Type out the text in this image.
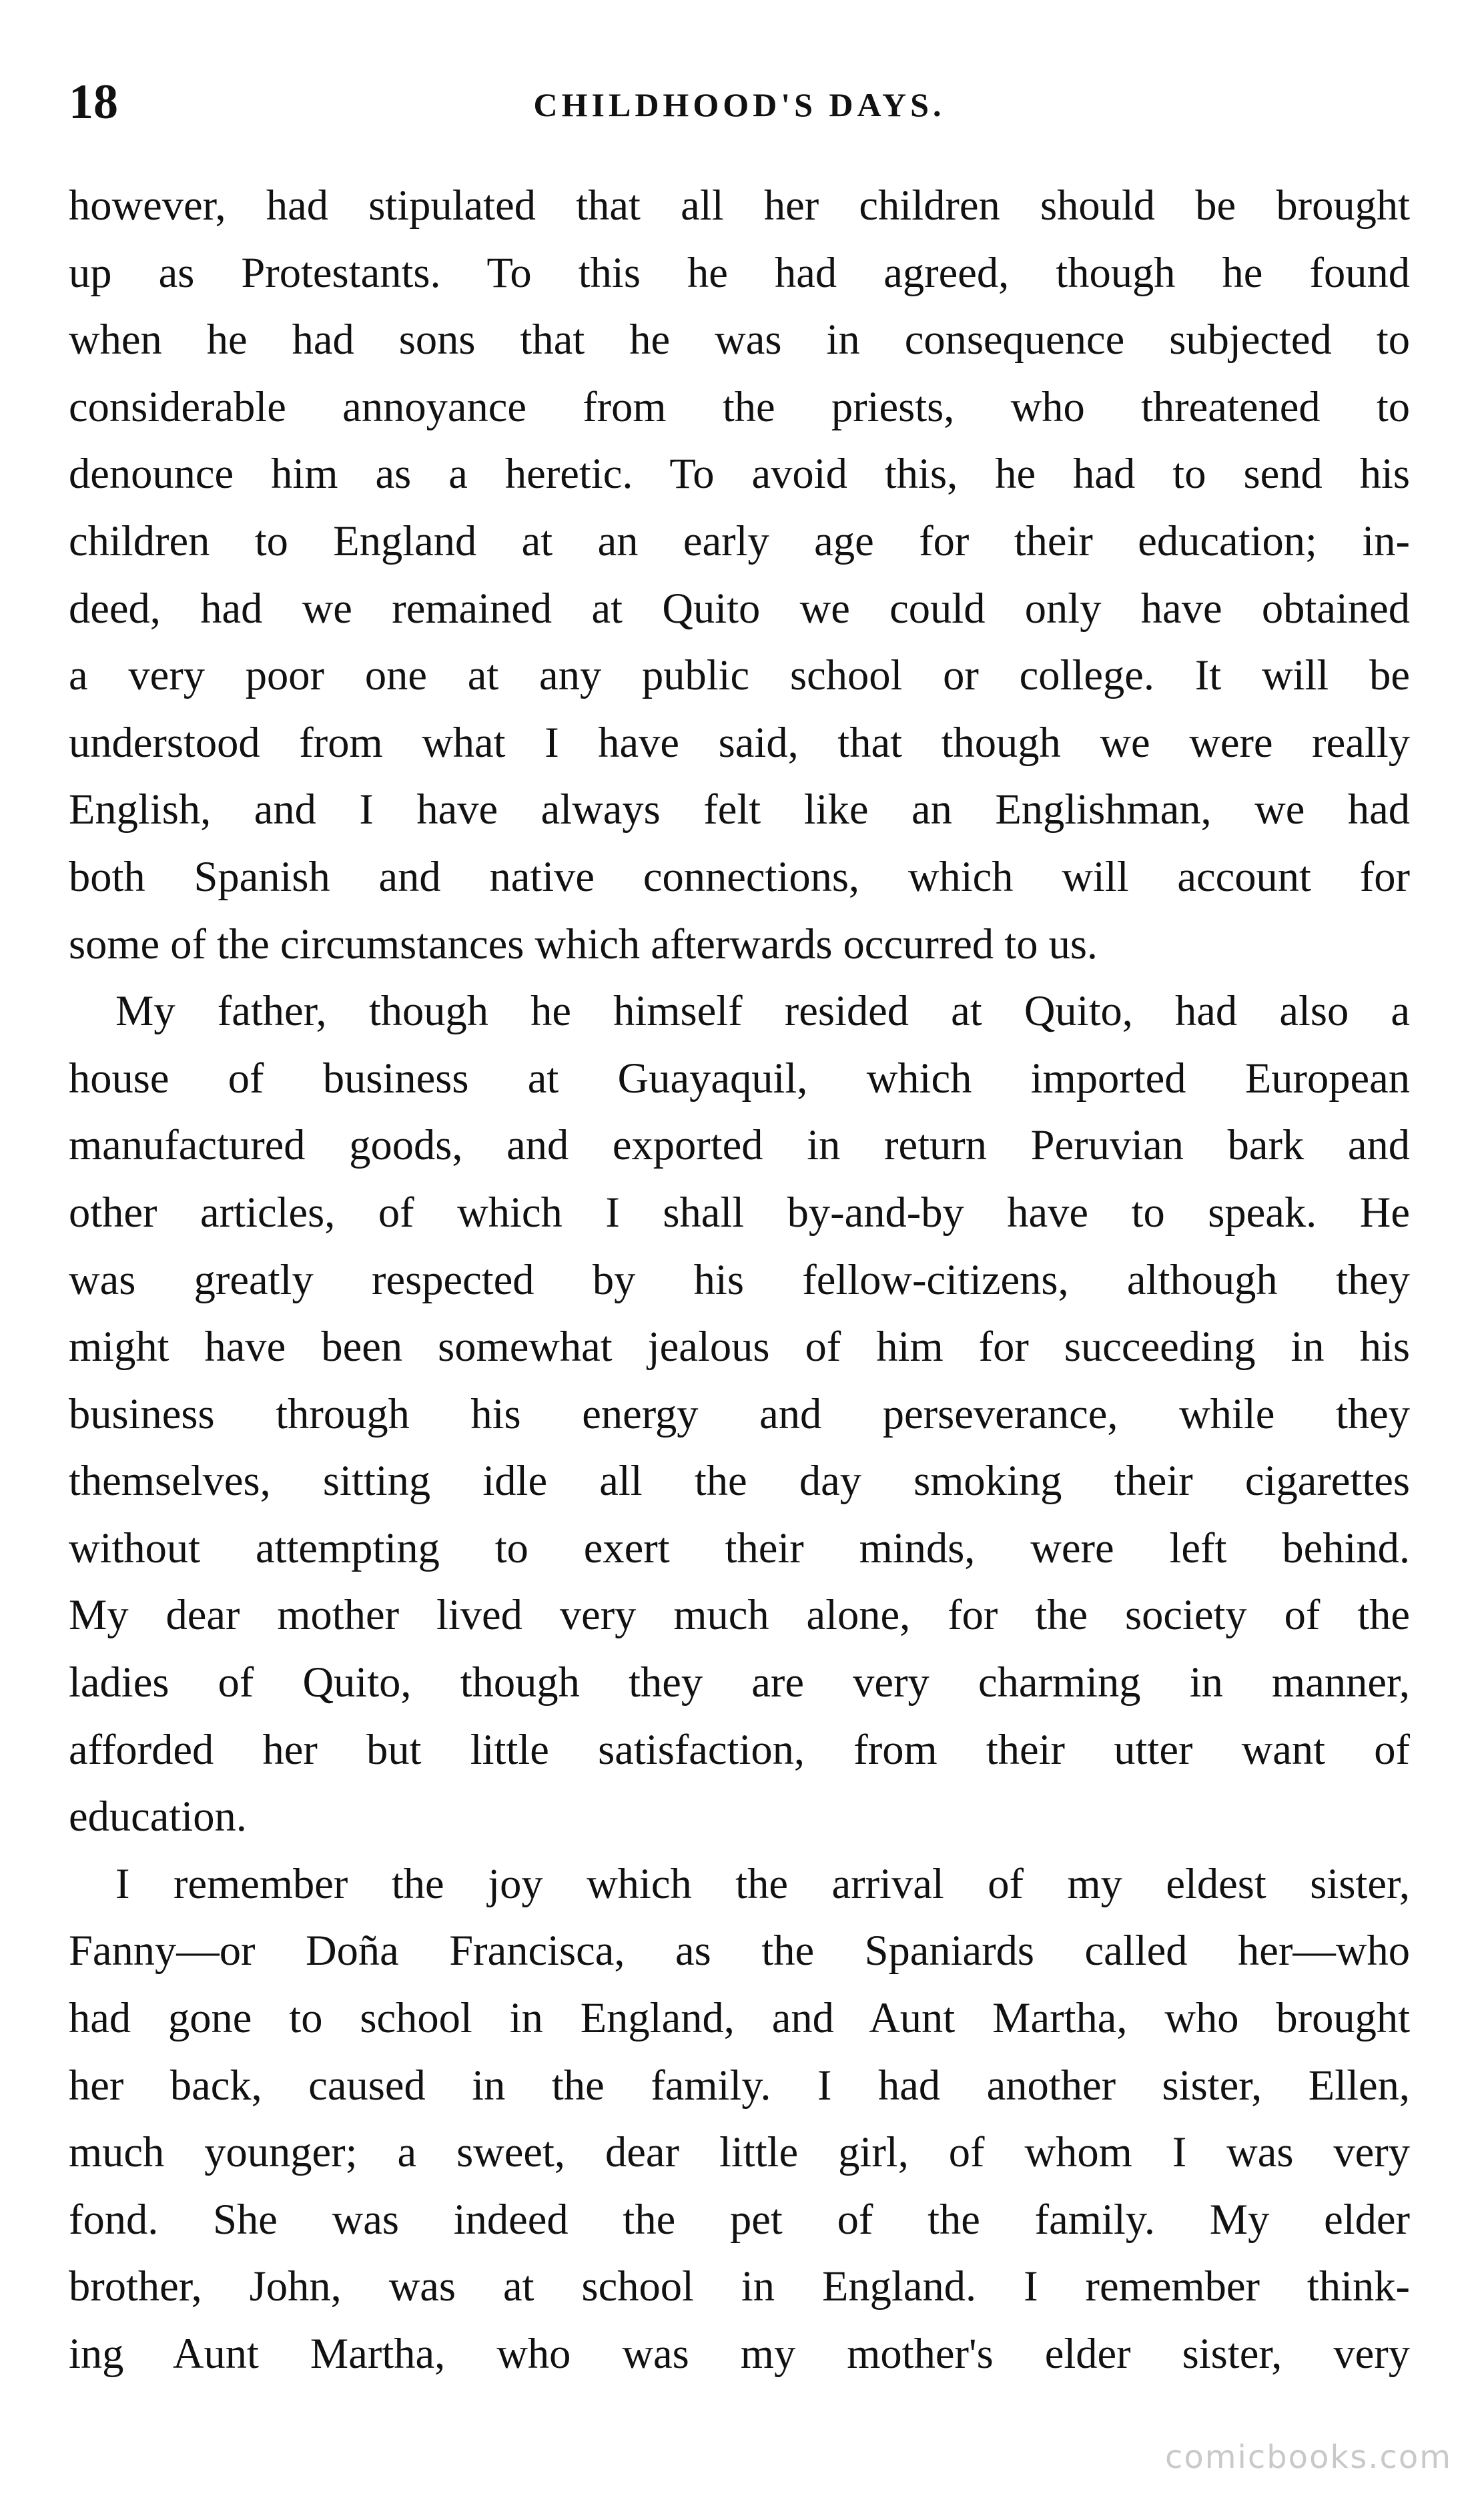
18	CHILDHOOD'S DAYS.
however, had stipulated that all her children should be brought
up as Protestants. To this he had agreed, though he found
when he had sons that he was in consequence subjected to
considerable annoyance from the priests, who threatened to
denounce him as a heretic. To avoid this, he had to send his
children to England at an early age for their education; in-
deed, had we remained at Quito we could only have obtained
a very poor one at any public school or college. It will be
understood from what I have said, that though we were really
English, and I have always felt like an Englishman, we had
both Spanish and native connections, which will account for
some of the circumstances which afterwards occurred to us.
My father, though he himself resided at Quito, had also a
house of business at Guayaquil, which imported European
manufactured goods, and exported in return Peruvian bark and
other articles, of which I shall by-and-by have to speak. He
was greatly respected by his fellow-citizens, although they
might have been somewhat jealous of him for succeeding in his
business through his energy and perseverance, while they
themselves, sitting idle all the day smoking their cigarettes
without attempting to exert their minds, were left behind.
My dear mother lived very much alone, for the society of the
ladies of Quito, though they are very charming in manner,
afforded her but little satisfaction, from their utter want of
education.
I remember the joy which the arrival of my eldest sister,
Fanny—or Doña Francisca, as the Spaniards called her—who
had gone to school in England, and Aunt Martha, who brought
her back, caused in the family. I had another sister, Ellen,
much younger; a sweet, dear little girl, of whom I was very
fond. She was indeed the pet of the family. My elder
brother, John, was at school in England. I remember think-
ing Aunt Martha, who was my mother's elder sister, very
comicbooks.com
